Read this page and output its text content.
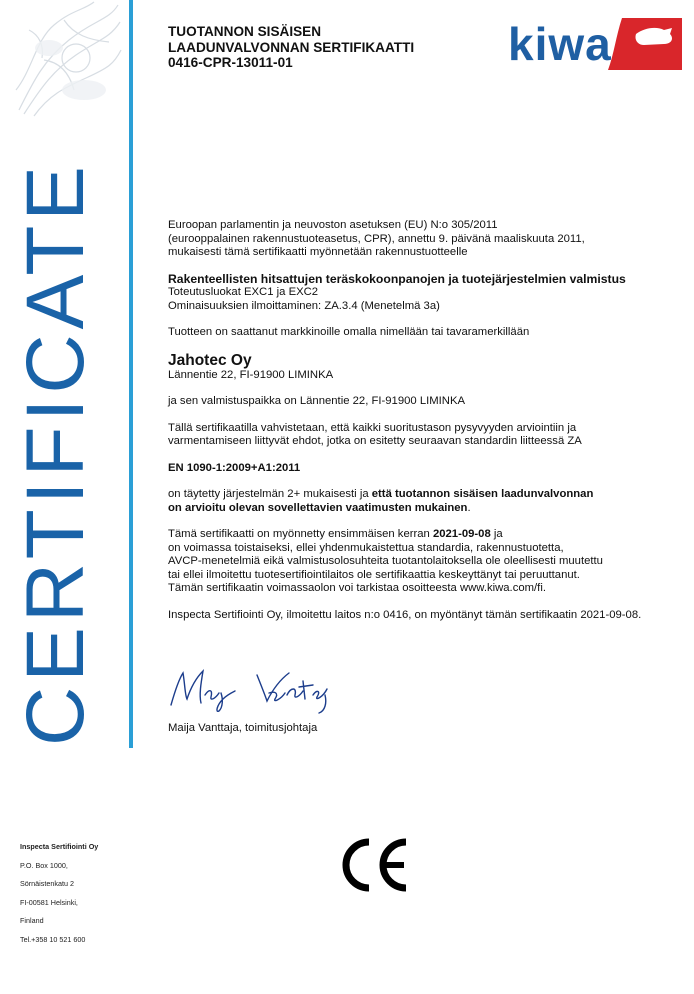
CERTIFICATE
TUOTANNON SISÄISEN
LAADUNVALVONNAN SERTIFIKAATTI
0416-CPR-13011-01	kiwa

Euroopan parlamentin ja neuvoston asetuksen (EU) N:o 305/2011

(eurooppalainen rakennustuoteasetus, CPR), annettu 9. päivänä maaliskuuta 2011,

mukaisesti tämä sertifikaatti myönnetään rakennustuotteelle

Rakenteellisten hitsattujen teräskokoonpanojen ja tuotejärjestelmien valmistus

Toteutusluokat EXC1 ja EXC2

Ominaisuuksien ilmoittaminen: ZA.3.4 (Menetelmä 3a)

Tuotteen on saattanut markkinoille omalla nimellään tai tavaramerkillään

Jahotec Oy

Lännentie 22, FI-91900 LIMINKA

ja sen valmistuspaikka on Lännentie 22, FI-91900 LIMINKA

Tällä sertifikaatilla vahvistetaan, että kaikki suoritustason pysyvyyden arviointiin ja

varmentamiseen liittyvät ehdot, jotka on esitetty seuraavan standardin liitteessä ZA

EN 1090-1:2009+A1:2011

on täytetty järjestelmän 2+ mukaisesti ja että tuotannon sisäisen laadunvalvonnan

on arvioitu olevan sovellettavien vaatimusten mukainen.

Tämä sertifikaatti on myönnetty ensimmäisen kerran 2021-09-08 ja

on voimassa toistaiseksi, ellei yhdenmukaistettua standardia, rakennustuotetta,

AVCP-menetelmiä eikä valmistusolosuhteita tuotantolaitoksella ole oleellisesti muutettu

tai ellei ilmoitettu tuotesertifiointilaitos ole sertifikaattia keskeyttänyt tai peruuttanut.

Tämän sertifikaatin voimassaolon voi tarkistaa osoitteesta www.kiwa.com/fi.

Inspecta Sertifiointi Oy, ilmoitettu laitos n:o 0416, on myöntänyt tämän sertifikaatin 2021-09-08.

Maija Vanttaja, toimitusjohtaja
Inspecta Sertifiointi Oy
P.O. Box 1000,
Sörnäistenkatu 2
FI-00581 Helsinki,
Finland
Tel.+358 10 521 600
